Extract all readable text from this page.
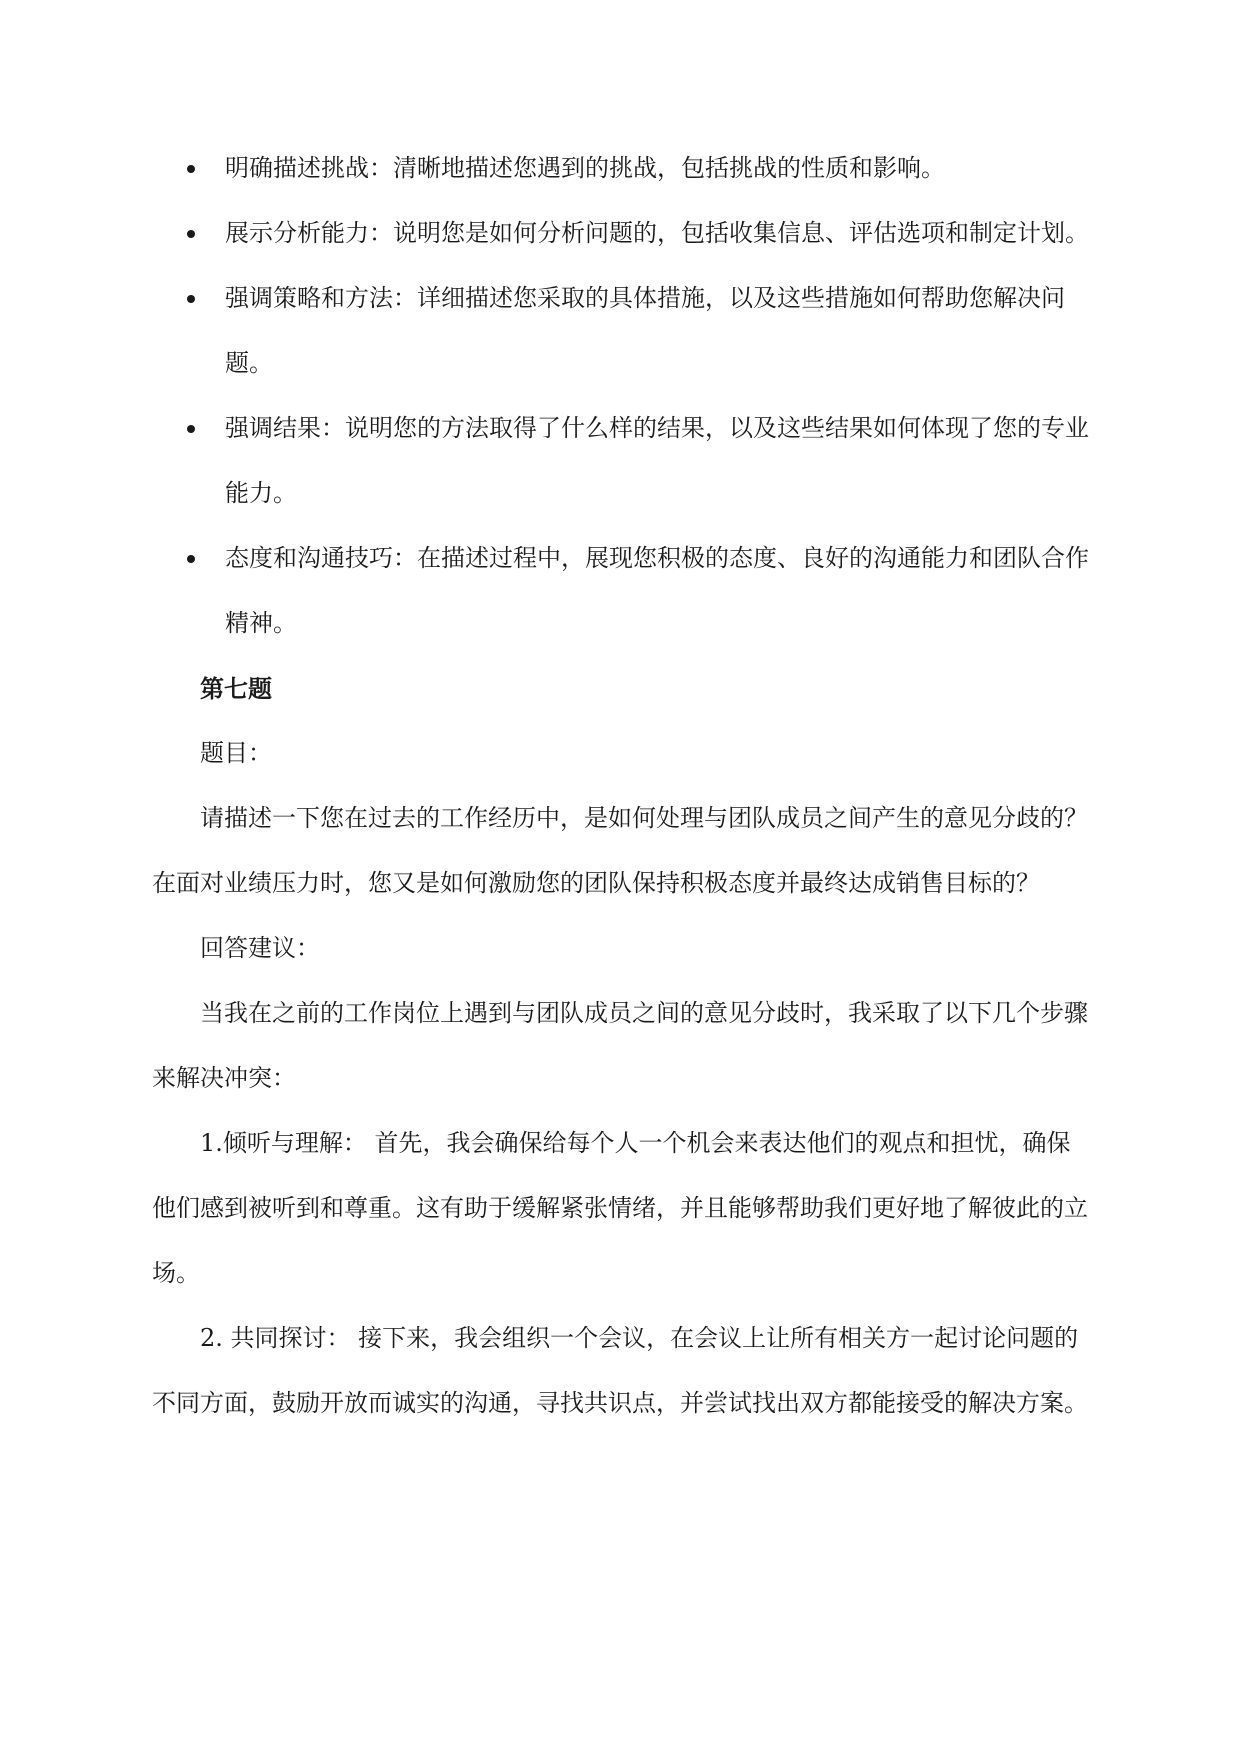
明确描述挑战：清晰地描述您遇到的挑战，包括挑战的性质和影响。
展示分析能力：说明您是如何分析问题的，包括收集信息、评估选项和制定计划。
强调策略和方法：详细描述您采取的具体措施，以及这些措施如何帮助您解决问题。
强调结果：说明您的方法取得了什么样的结果，以及这些结果如何体现了您的专业能力。
态度和沟通技巧：在描述过程中，展现您积极的态度、良好的沟通能力和团队合作精神。

第七题

题目：

请描述一下您在过去的工作经历中，是如何处理与团队成员之间产生的意见分歧的？在面对业绩压力时，您又是如何激励您的团队保持积极态度并最终达成销售目标的？

回答建议：

当我在之前的工作岗位上遇到与团队成员之间的意见分歧时，我采取了以下几个步骤来解决冲突：

1.倾听与理解： 首先，我会确保给每个人一个机会来表达他们的观点和担忧，确保他们感到被听到和尊重。这有助于缓解紧张情绪，并且能够帮助我们更好地了解彼此的立场。

2. 共同探讨： 接下来，我会组织一个会议，在会议上让所有相关方一起讨论问题的不同方面，鼓励开放而诚实的沟通，寻找共识点，并尝试找出双方都能接受的解决方案。
